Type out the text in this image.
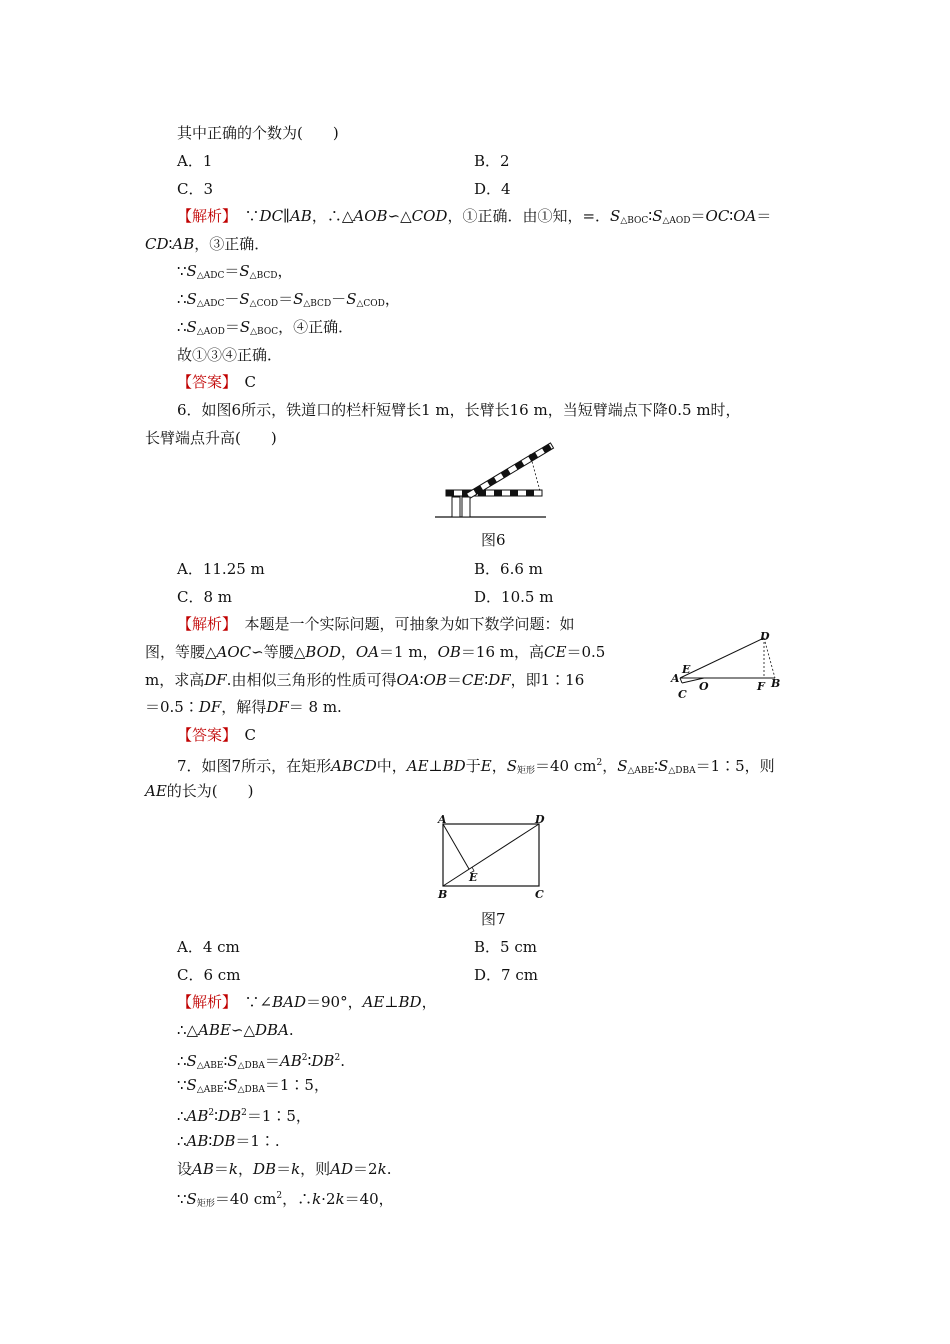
其中正确的个数为(　　)
A．1	B．2
C．3	D．4
【解析】　 ∵DC∥AB，∴△AOB∽△COD，①正确．由①知，=．$S_{\triangle BOC}∶S_{\triangle AOD}=OC∶OA=$
CD∶AB，③正确．
$\because S_{\triangle ADC}=S_{\triangle BCD}$，
$\therefore S_{\triangle ADC}-S_{\triangle COD}=S_{\triangle BCD}-S_{\triangle COD}$，
$\therefore S_{\triangle AOD}=S_{\triangle BOC}$，④正确．
故①③④正确．
【答案】　 C
6．如图6所示，铁道口的栏杆短臂长1 m，长臂长16 m，当短臂端点下降0.5 m时，
长臂端点升高(　　)
图6
A．11.25 m	B．6.6 m
C．8 m	D．10.5 m
【解析】　 本题是一个实际问题，可抽象为如下数学问题：如
图，等腰△AOC∽等腰△BOD，OA＝1 m，OB＝16 m，高CE＝0.5
m，求高DF.由相似三角形的性质可得OA∶OB＝CE∶DF，即1∶16
＝0.5∶DF，解得DF＝ 8 m.
A
C
E
O	F B
D
【答案】　 C
7．如图7所示，在矩形ABCD中，AE⊥BD于E，$S_{矩形}=40$ $cm^2$，$S_{\triangle ABE}∶S_{\triangle DBA}=1∶5$，则
AE的长为(　　)
A	D
B	C
E
图7
A．4 cm	B．5 cm
C．6 cm	D．7 cm
【解析】　 ∵∠BAD＝90°，AE⊥BD，
∴△ABE∽△DBA.
$\therefore S_{\triangle ABE}∶S_{\triangle DBA}=AB^2∶DB^2$.
$\because S_{\triangle ABE}∶S_{\triangle DBA}=1∶5$，
$\therefore AB^2∶DB^2=1∶5$，
∴AB∶DB＝1∶.
设AB＝k，DB＝k，则AD＝2k.
$\because S_{矩形}=40$ $cm^2$，∴k·2k＝40，
